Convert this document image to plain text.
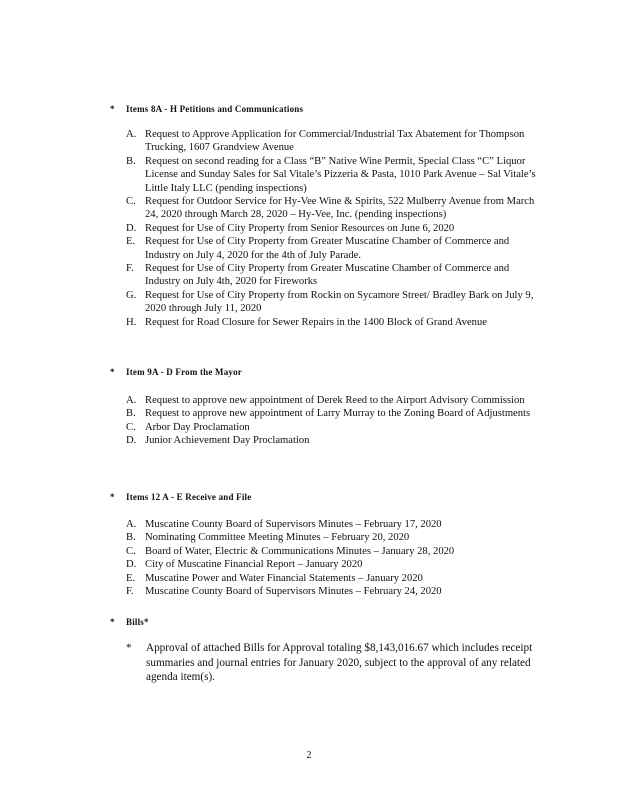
* Items 8A - H Petitions and Communications
A. Request to Approve Application for Commercial/Industrial Tax Abatement for Thompson Trucking, 1607 Grandview Avenue
B. Request on second reading for a Class “B” Native Wine Permit, Special Class “C” Liquor License and Sunday Sales for Sal Vitale’s Pizzeria & Pasta, 1010 Park Avenue – Sal Vitale’s Little Italy LLC (pending inspections)
C. Request for Outdoor Service for Hy-Vee Wine & Spirits, 522 Mulberry Avenue from March 24, 2020 through March 28, 2020 – Hy-Vee, Inc. (pending inspections)
D. Request for Use of City Property from Senior Resources on June 6, 2020
E. Request for Use of City Property from Greater Muscatine Chamber of Commerce and Industry on July 4, 2020 for the 4th of July Parade.
F. Request for Use of City Property from Greater Muscatine Chamber of Commerce and Industry on July 4th, 2020 for Fireworks
G. Request for Use of City Property from Rockin on Sycamore Street/ Bradley Bark on July 9, 2020 through July 11, 2020
H. Request for Road Closure for Sewer Repairs in the 1400 Block of Grand Avenue
* Item 9A - D From the Mayor
A. Request to approve new appointment of Derek Reed to the Airport Advisory Commission
B. Request to approve new appointment of Larry Murray to the Zoning Board of Adjustments
C. Arbor Day Proclamation
D. Junior Achievement Day Proclamation
* Items 12 A - E Receive and File
A. Muscatine County Board of Supervisors Minutes – February 17, 2020
B. Nominating Committee Meeting Minutes – February 20, 2020
C. Board of Water, Electric & Communications Minutes – January 28, 2020
D. City of Muscatine Financial Report – January 2020
E. Muscatine Power and Water Financial Statements – January 2020
F. Muscatine County Board of Supervisors Minutes – February 24, 2020
* Bills*
* Approval of attached Bills for Approval totaling $8,143,016.67 which includes receipt summaries and journal entries for January 2020, subject to the approval of any related agenda item(s).
2
